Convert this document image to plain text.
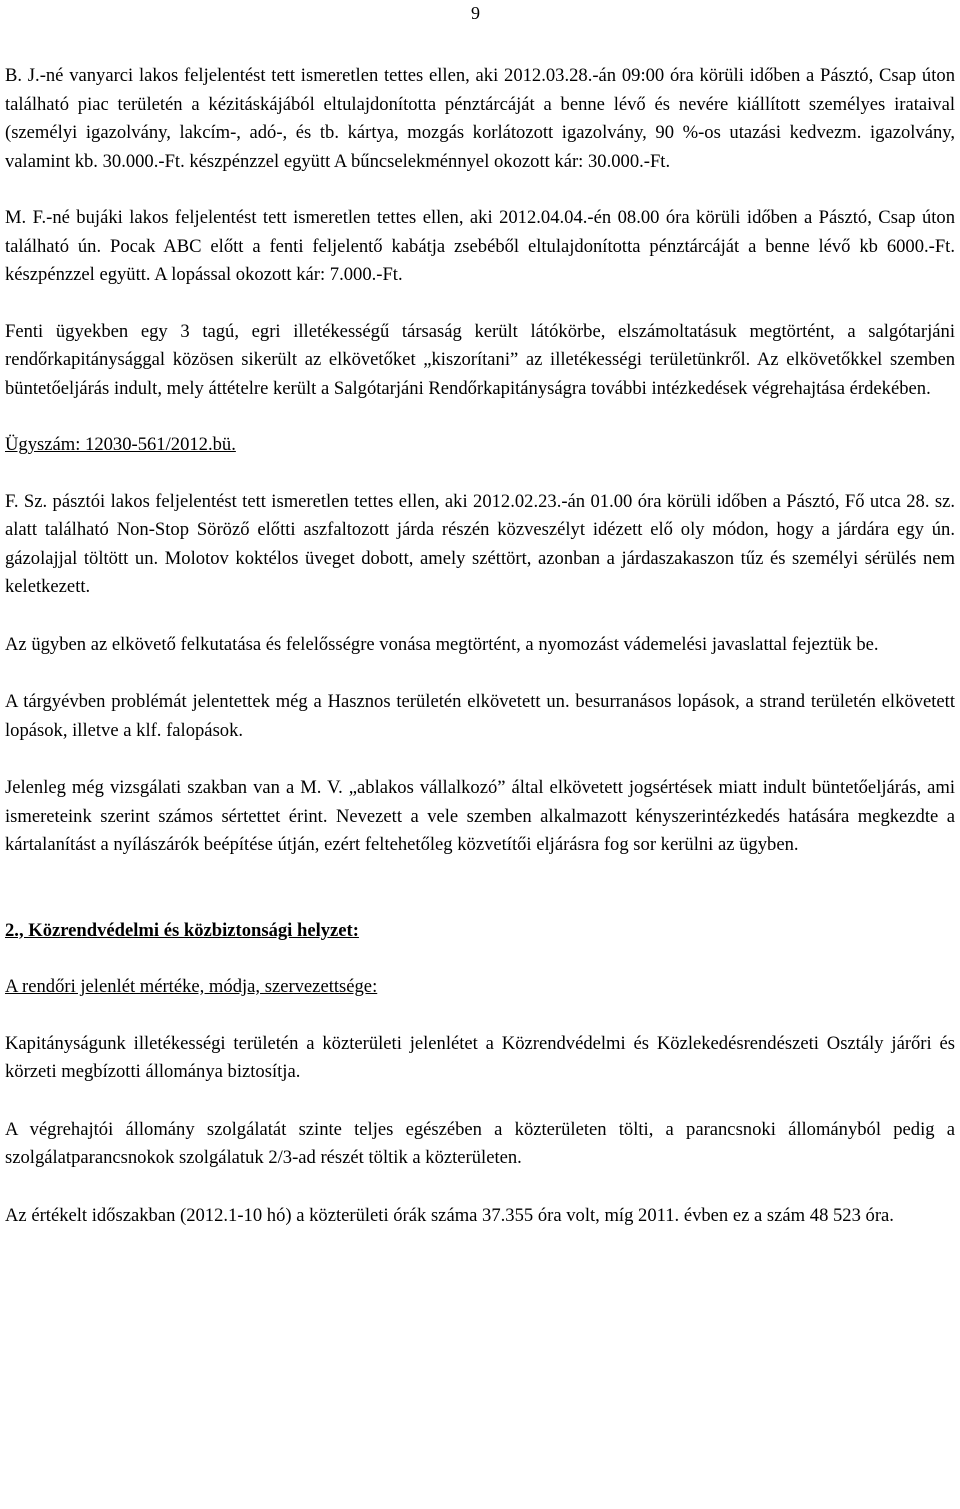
9

B. J.-né vanyarci lakos feljelentést tett ismeretlen tettes ellen, aki 2012.03.28.-án 09:00 óra körüli időben a Pásztó, Csap úton található piac területén a kézitáskájából eltulajdonította pénztárcáját a benne lévő és nevére kiállított személyes irataival (személyi igazolvány, lakcím-, adó-, és tb. kártya, mozgás korlátozott igazolvány, 90 %-os utazási kedvezm. igazolvány, valamint kb. 30.000.-Ft. készpénzzel együtt A bűncselekménnyel okozott kár: 30.000.-Ft.

M. F.-né bujáki lakos feljelentést tett ismeretlen tettes ellen, aki 2012.04.04.-én 08.00 óra körüli időben a Pásztó, Csap úton található ún. Pocak ABC előtt a fenti feljelentő kabátja zsebéből eltulajdonította pénztárcáját a benne lévő kb 6000.-Ft. készpénzzel együtt. A lopással okozott kár: 7.000.-Ft.

Fenti ügyekben egy 3 tagú, egri illetékességű társaság került látókörbe, elszámoltatásuk megtörtént, a salgótarjáni rendőrkapitánysággal közösen sikerült az elkövetőket „kiszorítani” az illetékességi területünkről. Az elkövetőkkel szemben büntetőeljárás indult, mely áttételre került a Salgótarjáni Rendőrkapitányságra további intézkedések végrehajtása érdekében.

Ügyszám: 12030-561/2012.bü.

F. Sz. pásztói lakos feljelentést tett ismeretlen tettes ellen, aki 2012.02.23.-án 01.00 óra körüli időben a Pásztó, Fő utca 28. sz. alatt található Non-Stop Söröző előtti aszfaltozott járda részén közveszélyt idézett elő oly módon, hogy a járdára egy ún. gázolajjal töltött un. Molotov koktélos üveget dobott, amely széttört, azonban a járdaszakaszon tűz és személyi sérülés nem keletkezett.

Az ügyben az elkövető felkutatása és felelősségre vonása megtörtént, a nyomozást vádemelési javaslattal fejeztük be.

A tárgyévben problémát jelentettek még a Hasznos területén elkövetett un. besurranásos lopások, a strand területén elkövetett lopások, illetve a klf. falopások.

Jelenleg még vizsgálati szakban van a M. V. „ablakos vállalkozó” által elkövetett jogsértések miatt indult büntetőeljárás, ami ismereteink szerint számos sértettet érint. Nevezett a vele szemben alkalmazott kényszerintézkedés hatására megkezdte a kártalanítást a nyílászárók beépítése útján, ezért feltehetőleg közvetítői eljárásra fog sor kerülni az ügyben.

2., Közrendvédelmi és közbiztonsági helyzet:

A rendőri jelenlét mértéke, módja, szervezettsége:

Kapitányságunk illetékességi területén a közterületi jelenlétet a Közrendvédelmi és Közlekedésrendészeti Osztály járőri és körzeti megbízotti állománya biztosítja.

A végrehajtói állomány szolgálatát szinte teljes egészében a közterületen tölti, a parancsnoki állományból pedig a szolgálatparancsnokok szolgálatuk 2/3-ad részét töltik a közterületen.

Az értékelt időszakban (2012.1-10 hó) a közterületi órák száma 37.355 óra volt, míg 2011. évben ez a szám 48 523 óra.
